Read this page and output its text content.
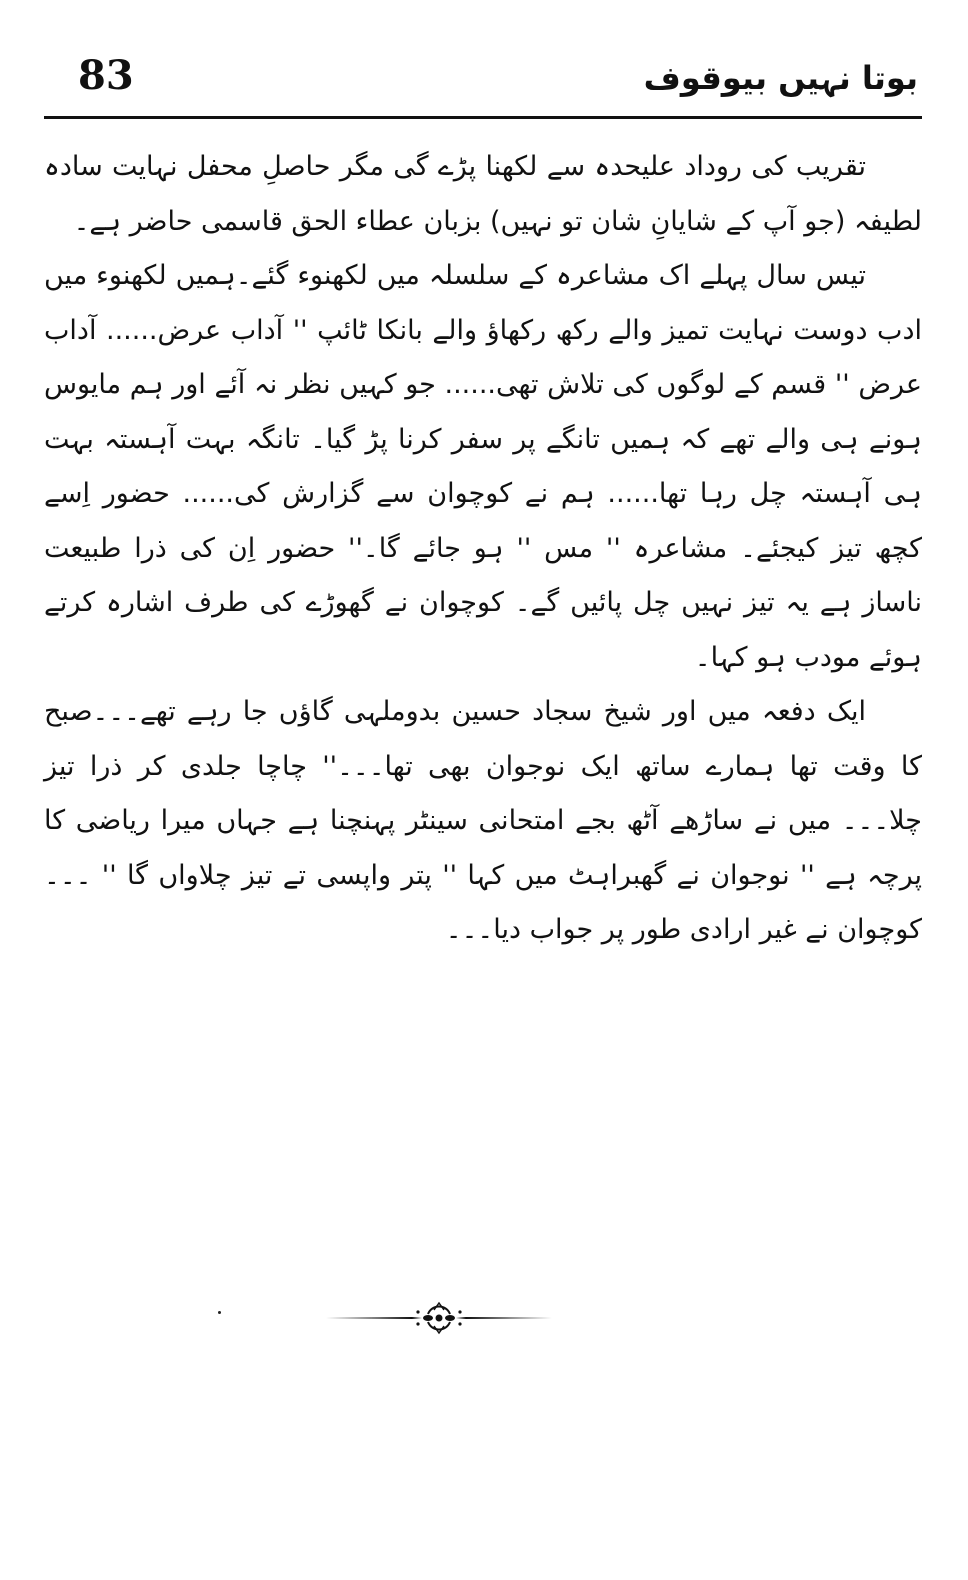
83	بوتا نہیں بیوقوف

تقریب کی روداد علیحدہ سے لکھنا پڑے گی مگر حاصلِ محفل نہایت سادہ لطیفہ (جو آپ کے شایانِ شان تو نہیں) بزبان عطاء الحق قاسمی حاضر ہے۔

تیس سال پہلے اک مشاعرہ کے سلسلہ میں لکھنوء گئے۔ہمیں لکھنوء میں ادب دوست نہایت تمیز والے رکھ رکھاؤ والے بانکا ٹائپ '' آداب عرض...... آداب عرض '' قسم کے لوگوں کی تلاش تھی...... جو کہیں نظر نہ آئے اور ہم مایوس ہونے ہی والے تھے کہ ہمیں تانگے پر سفر کرنا پڑ گیا۔ تانگہ بہت آہستہ بہت ہی آہستہ چل رہا تھا...... ہم نے کوچوان سے گزارش کی...... حضور اِسے کچھ تیز کیجئے۔ مشاعرہ '' مس '' ہو جائے گا۔'' حضور اِن کی ذرا طبیعت ناساز ہے یہ تیز نہیں چل پائیں گے۔ کوچوان نے گھوڑے کی طرف اشارہ کرتے ہوئے مودب ہو کہا۔

ایک دفعہ میں اور شیخ سجاد حسین بدوملہی گاؤں جا رہے تھے۔۔۔صبح کا وقت تھا ہمارے ساتھ ایک نوجوان بھی تھا۔۔۔'' چاچا جلدی کر ذرا تیز چلا۔۔۔ میں نے ساڑھے آٹھ بجے امتحانی سینٹر پہنچنا ہے جہاں میرا ریاضی کا پرچہ ہے '' نوجوان نے گھبراہٹ میں کہا '' پتر واپسی تے تیز چلاواں گا '' ۔۔۔کوچوان نے غیر ارادی طور پر جواب دیا۔۔۔
